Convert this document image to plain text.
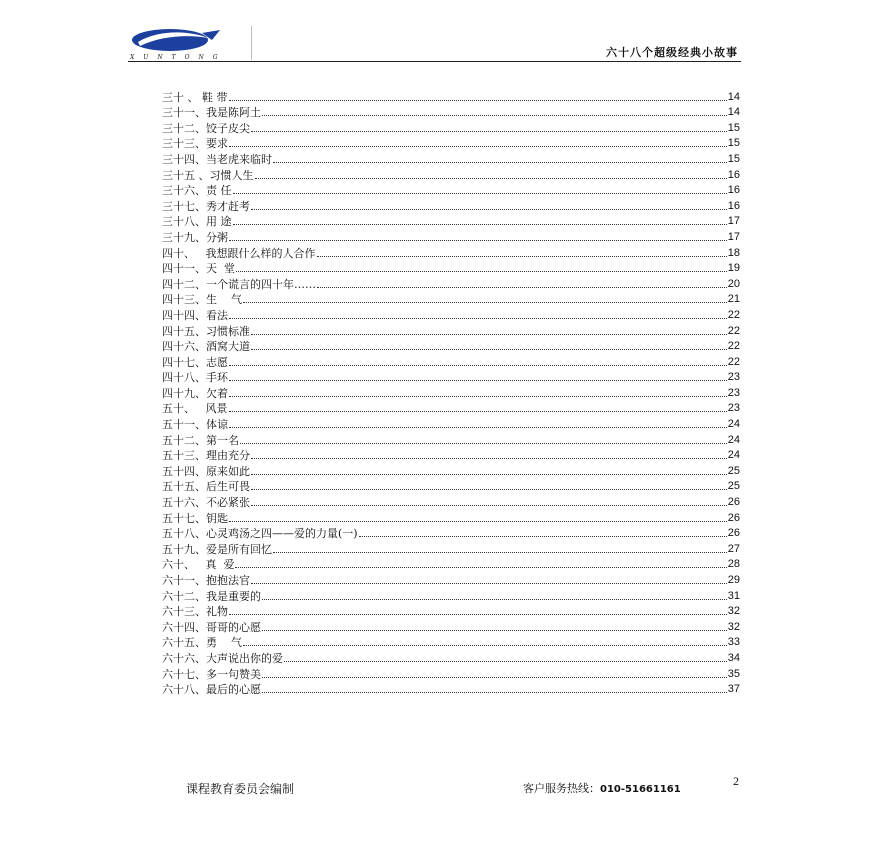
XUNTONG	六十八个超级经典小故事
三十 、 鞋 带	14
三十一、我是陈阿土	14
三十二、饺子皮尖	15
三十三、要求	15
三十四、当老虎来临时	15
三十五 、习惯人生	16
三十六、责 任	16
三十七、秀才赶考	16
三十八、用 途	17
三十九、分粥	17
四十、   我想跟什么样的人合作	18
四十一、天  堂	19
四十二、一个谎言的四十年……	20
四十三、生    气	21
四十四、看法	22
四十五、习惯标准	22
四十六、酒窝大道	22
四十七、志愿	22
四十八、手环	23
四十九、欠着	23
五十、   风景	23
五十一、体谅	24
五十二、第一名	24
五十三、理由充分	24
五十四、原来如此	25
五十五、后生可畏	25
五十六、不必紧张	26
五十七、钥匙	26
五十八、心灵鸡汤之四——爱的力量(一)	26
五十九、爱是所有回忆	27
六十、   真  爱	28
六十一、抱抱法官	29
六十二、我是重要的	31
六十三、礼物	32
六十四、哥哥的心愿	32
六十五、勇    气	33
六十六、大声说出你的爱	34
六十七、多一句赞美	35
六十八、最后的心愿	37
课程教育委员会编制	客户服务热线：010-51661161
2
